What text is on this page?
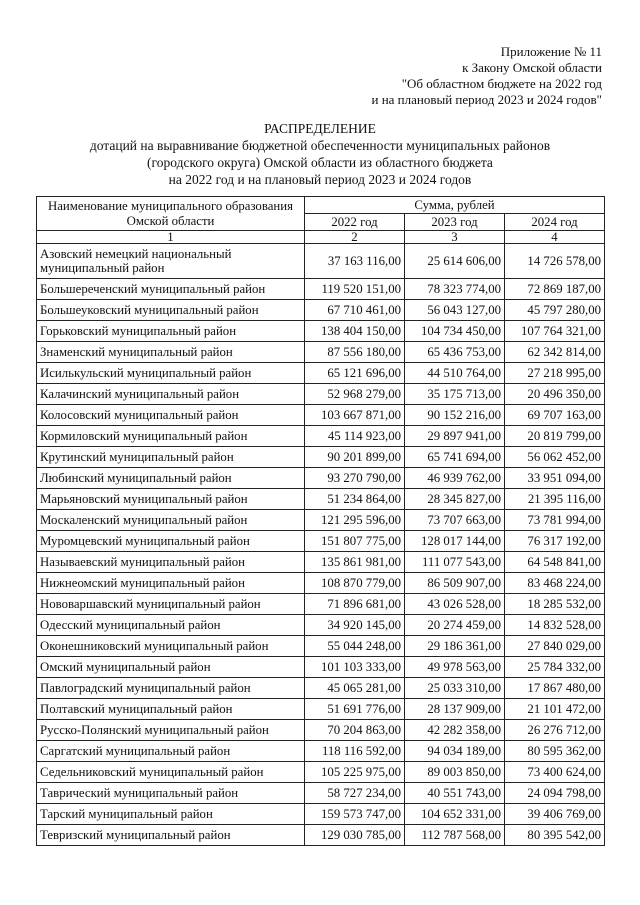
Приложение № 11
к Закону Омской области
"Об областном бюджете на 2022 год
и на плановый период 2023 и 2024 годов"
РАСПРЕДЕЛЕНИЕ
дотаций на выравнивание бюджетной обеспеченности муниципальных районов
(городского округа) Омской области из областного бюджета
на 2022 год и на плановый период 2023 и 2024 годов
Наименование муниципального образования Омской области	Сумма, рублей		
	2022 год	2023 год	2024 год
1	2	3	4
Азовский немецкий национальный муниципальный район	37 163 116,00	25 614 606,00	14 726 578,00
Большереченский муниципальный район	119 520 151,00	78 323 774,00	72 869 187,00
Большеуковский муниципальный район	67 710 461,00	56 043 127,00	45 797 280,00
Горьковский муниципальный район	138 404 150,00	104 734 450,00	107 764 321,00
Знаменский муниципальный район	87 556 180,00	65 436 753,00	62 342 814,00
Исилькульский муниципальный район	65 121 696,00	44 510 764,00	27 218 995,00
Калачинский муниципальный район	52 968 279,00	35 175 713,00	20 496 350,00
Колосовский муниципальный район	103 667 871,00	90 152 216,00	69 707 163,00
Кормиловский муниципальный район	45 114 923,00	29 897 941,00	20 819 799,00
Крутинский муниципальный район	90 201 899,00	65 741 694,00	56 062 452,00
Любинский муниципальный район	93 270 790,00	46 939 762,00	33 951 094,00
Марьяновский муниципальный район	51 234 864,00	28 345 827,00	21 395 116,00
Москаленский муниципальный район	121 295 596,00	73 707 663,00	73 781 994,00
Муромцевский муниципальный район	151 807 775,00	128 017 144,00	76 317 192,00
Называевский муниципальный район	135 861 981,00	111 077 543,00	64 548 841,00
Нижнеомский муниципальный район	108 870 779,00	86 509 907,00	83 468 224,00
Нововаршавский муниципальный район	71 896 681,00	43 026 528,00	18 285 532,00
Одесский муниципальный район	34 920 145,00	20 274 459,00	14 832 528,00
Оконешниковский муниципальный район	55 044 248,00	29 186 361,00	27 840 029,00
Омский муниципальный район	101 103 333,00	49 978 563,00	25 784 332,00
Павлоградский муниципальный район	45 065 281,00	25 033 310,00	17 867 480,00
Полтавский муниципальный район	51 691 776,00	28 137 909,00	21 101 472,00
Русско-Полянский муниципальный район	70 204 863,00	42 282 358,00	26 276 712,00
Саргатский муниципальный район	118 116 592,00	94 034 189,00	80 595 362,00
Седельниковский муниципальный район	105 225 975,00	89 003 850,00	73 400 624,00
Таврический муниципальный район	58 727 234,00	40 551 743,00	24 094 798,00
Тарский муниципальный район	159 573 747,00	104 652 331,00	39 406 769,00
Тевризский муниципальный район	129 030 785,00	112 787 568,00	80 395 542,00
